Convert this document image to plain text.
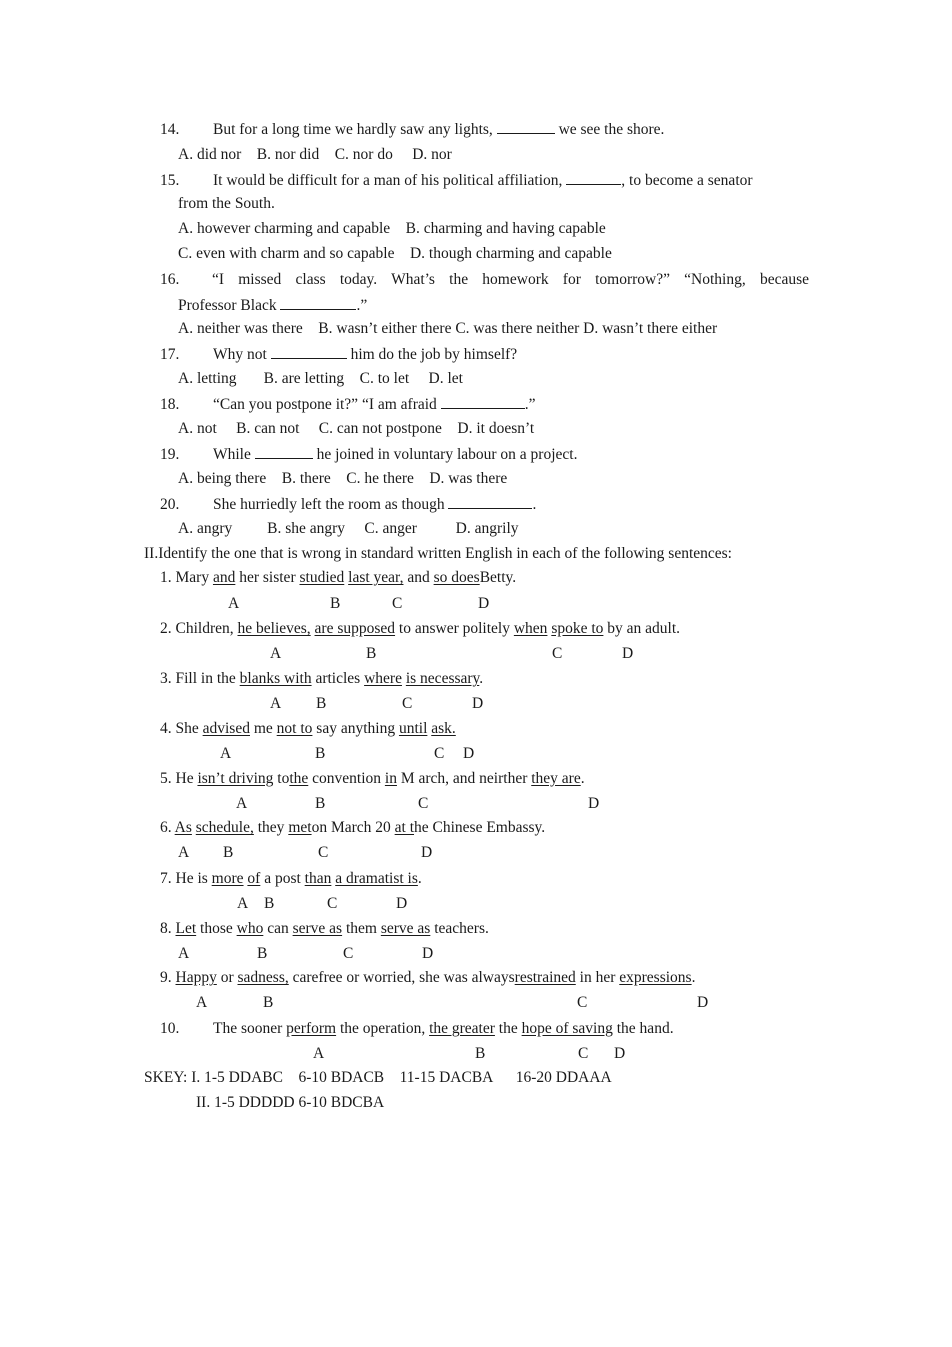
14. But for a long time we hardly saw any lights,	we see the shore.
A. did nor    B. nor did    C. nor do     D. nor
15. It would be difficult for a man of his political affiliation,	, to become a senator
from the South.
A. however charming and capable    B. charming and having capable
C. even with charm and so capable    D. though charming and capable
16. “I missed class today. What’s the homework for tomorrow?” “Nothing, because
Professor Black	.”
A. neither was there    B. wasn’t either there C. was there neither D. wasn’t there either
17. Why not	him do the job by himself?
A. letting       B. are letting    C. to let     D. let
18. “Can you postpone it?” “I am afraid	.”
A. not     B. can not     C. can not postpone    D. it doesn’t
19. While	he joined in voluntary labour on a project.
A. being there    B. there    C. he there    D. was there
20. She hurriedly left the room as though	.
A. angry         B. she angry     C. anger          D. angrily
II.Identify the one that is wrong in standard written English in each of the following sentences:
1. Mary and her sister studied last year, and so doesBetty.
A	B	C	D
2. Children, he believes, are supposed to answer politely when spoke to by an adult.
A	B	C	D
3. Fill in the blanks with articles where is necessary.
A B	C	D
4. She advised me not to say anything until ask.
A	B	C D
5. He isn’t driving tothe convention in M arch, and neirther they are.
A	B	C	D
6. As schedule, they meton March 20 at the Chinese Embassy.
A B	C	D
7. He is more of a post than a dramatist is.
A B	C	D
8. Let those who can serve as them serve as teachers.
A	B	C	D
9. Happy or sadness, carefree or worried, she was alwaysrestrained in her expressions.
A	B	C	D
10. The sooner perform the operation, the greater the hope of saving the hand.
A	B	C D
SKEY: I. 1-5 DDABC    6-10 BDACB    11-15 DACBA      16-20 DDAAA
II. 1-5 DDDDD 6-10 BDCBA
